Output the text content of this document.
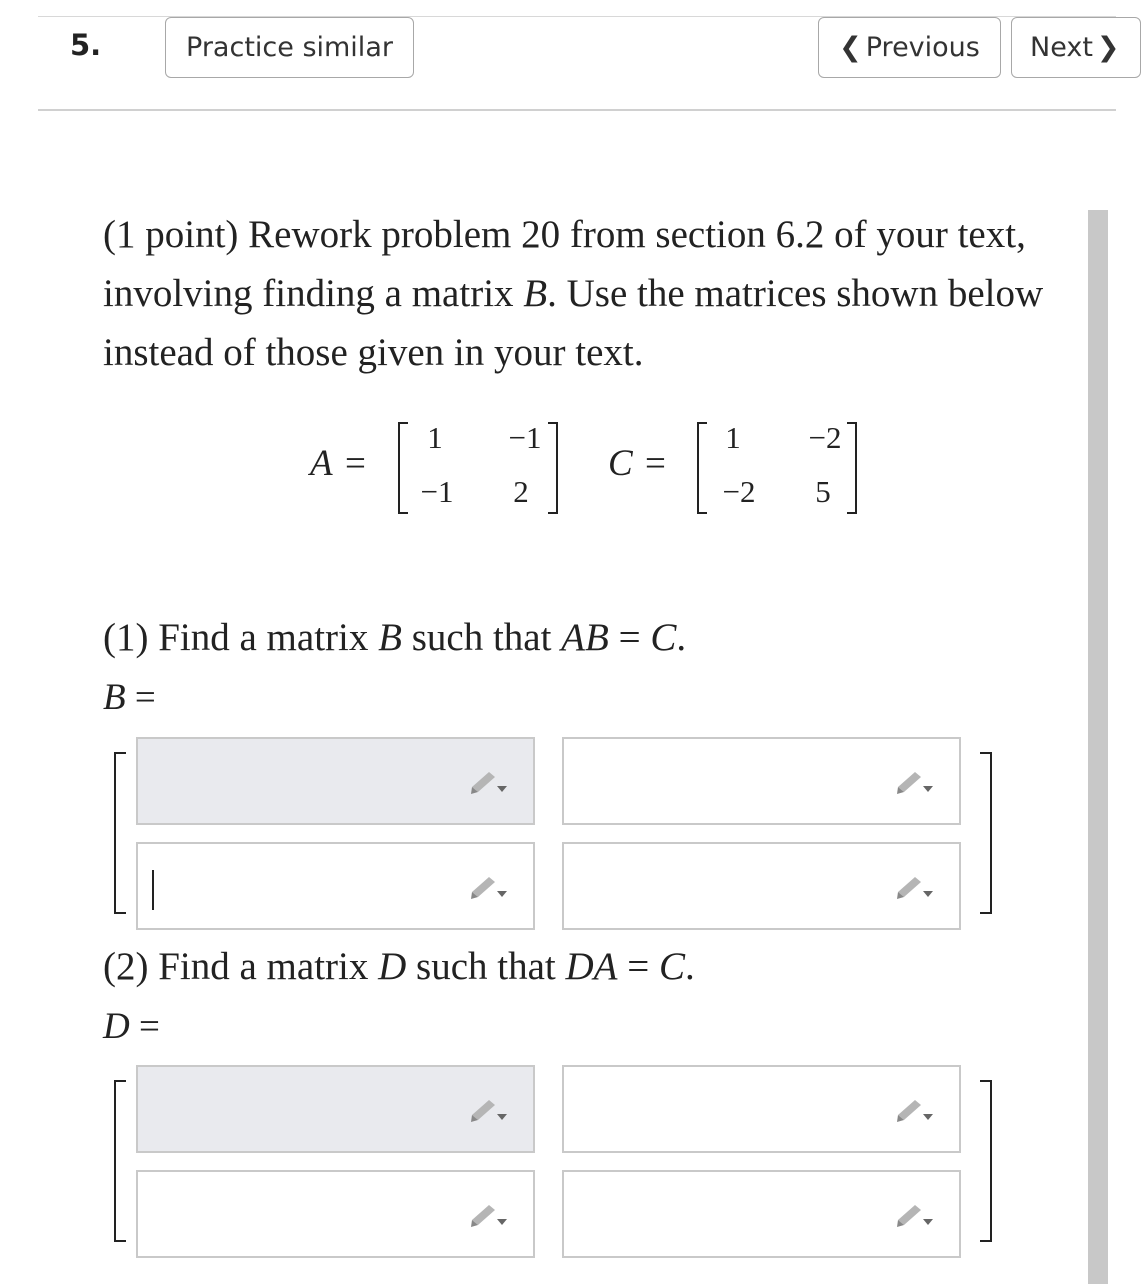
5.	Practice similar	❮ Previous Next ❯
(1 point) Rework problem 20 from section 6.2 of your text, involving finding a matrix B. Use the matrices shown below instead of those given in your text.
A =
1	−1
−1	2
C =
1	−2
−2	5
(1) Find a matrix B such that AB = C.
B =
(2) Find a matrix D such that DA = C.
D =
